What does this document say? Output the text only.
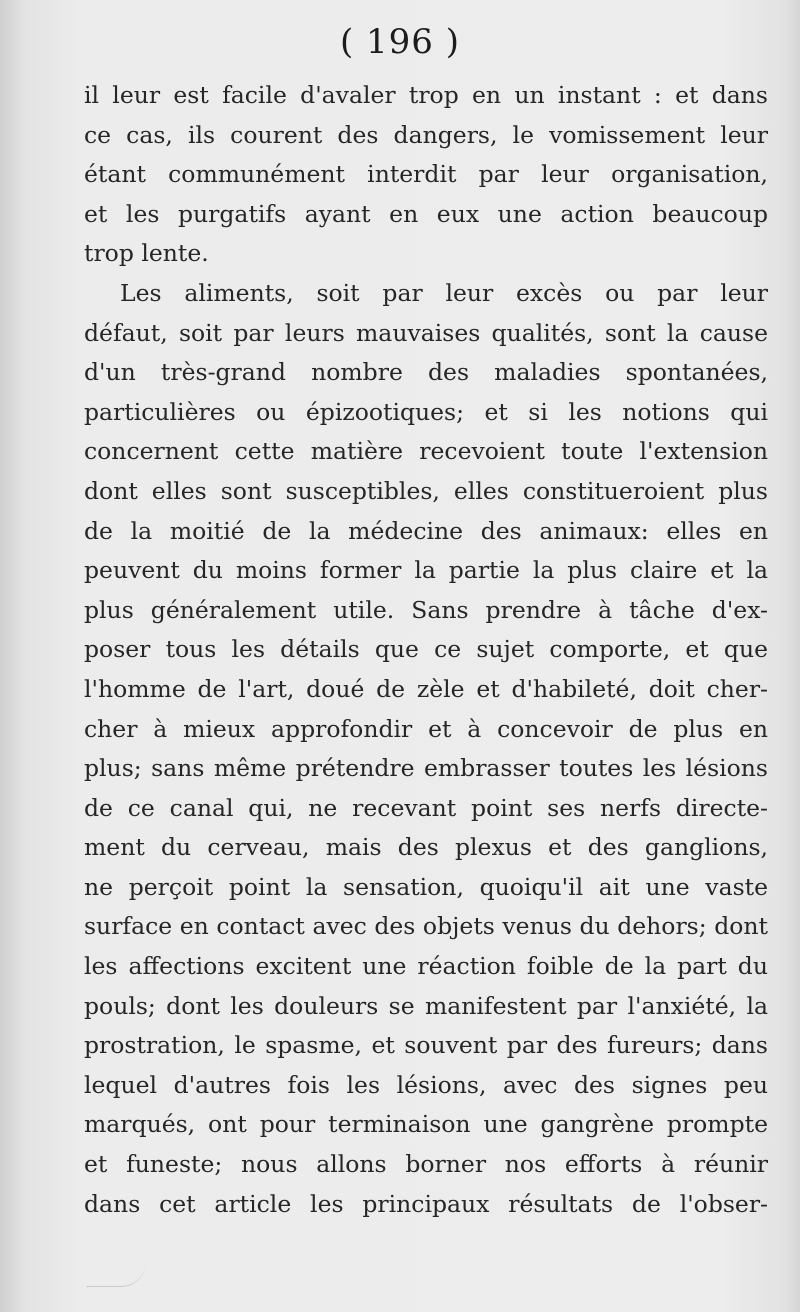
( 196 )
il leur est facile d'avaler trop en un instant : et dans
ce cas, ils courent des dangers, le vomissement leur
étant communément interdit par leur organisation,
et les purgatifs ayant en eux une action beaucoup
trop lente.
Les aliments, soit par leur excès ou par leur
défaut, soit par leurs mauvaises qualités, sont la cause
d'un très-grand nombre des maladies spontanées,
particulières ou épizootiques; et si les notions qui
concernent cette matière recevoient toute l'extension
dont elles sont susceptibles, elles constitueroient plus
de la moitié de la médecine des animaux: elles en
peuvent du moins former la partie la plus claire et la
plus généralement utile. Sans prendre à tâche d'ex-
poser tous les détails que ce sujet comporte, et que
l'homme de l'art, doué de zèle et d'habileté, doit cher-
cher à mieux approfondir et à concevoir de plus en
plus; sans même prétendre embrasser toutes les lésions
de ce canal qui, ne recevant point ses nerfs directe-
ment du cerveau, mais des plexus et des ganglions,
ne perçoit point la sensation, quoiqu'il ait une vaste
surface en contact avec des objets venus du dehors; dont
les affections excitent une réaction foible de la part du
pouls; dont les douleurs se manifestent par l'anxiété, la
prostration, le spasme, et souvent par des fureurs; dans
lequel d'autres fois les lésions, avec des signes peu
marqués, ont pour terminaison une gangrène prompte
et funeste; nous allons borner nos efforts à réunir
dans cet article les principaux résultats de l'obser-
